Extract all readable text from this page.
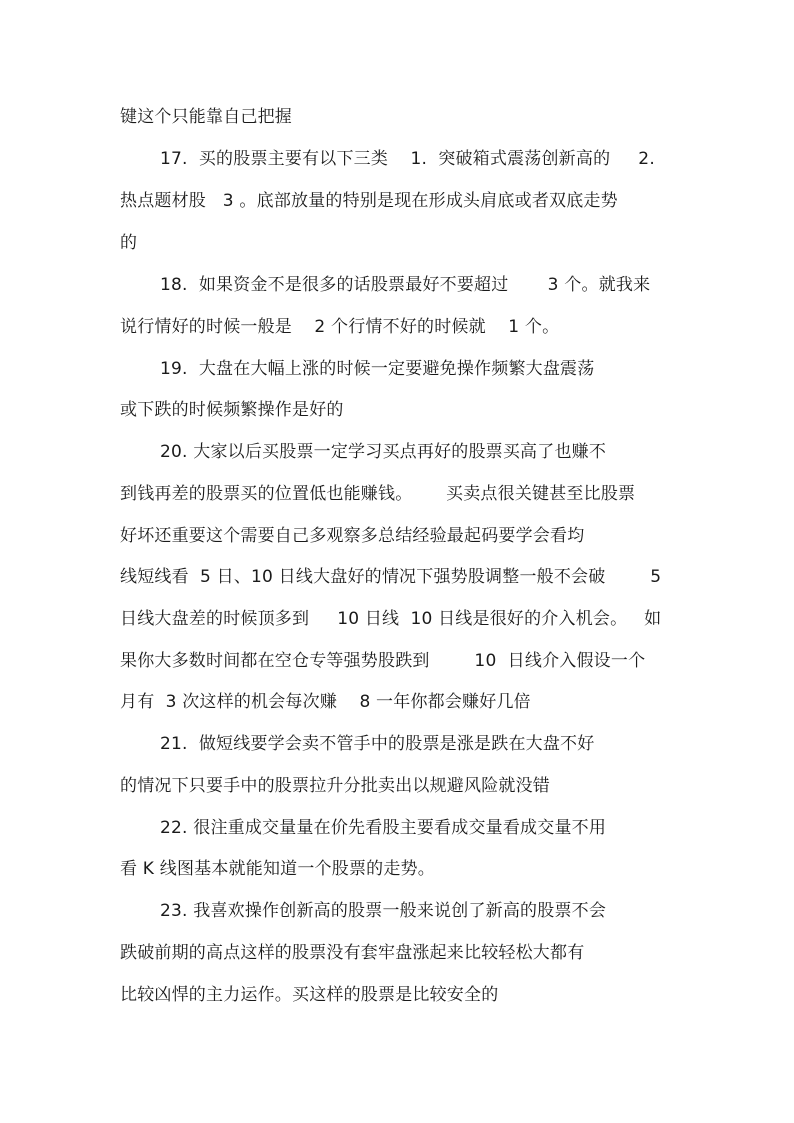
键这个只能靠自己把握
17.  买的股票主要有以下三类    1.  突破箱式震荡创新高的     2.
热点题材股   3 。底部放量的特别是现在形成头肩底或者双底走势
的
18.  如果资金不是很多的话股票最好不要超过       3 个。就我来
说行情好的时候一般是    2 个行情不好的时候就    1 个。
19.  大盘在大幅上涨的时候一定要避免操作频繁大盘震荡
或下跌的时候频繁操作是好的
20. 大家以后买股票一定学习买点再好的股票买高了也赚不
到钱再差的股票买的位置低也能赚钱。      买卖点很关键甚至比股票
好坏还重要这个需要自己多观察多总结经验最起码要学会看均
线短线看  5 日、10 日线大盘好的情况下强势股调整一般不会破        5
日线大盘差的时候顶多到     10 日线  10 日线是很好的介入机会。   如
果你大多数时间都在空仓专等强势股跌到        10  日线介入假设一个
月有  3 次这样的机会每次赚    8 一年你都会赚好几倍
21.  做短线要学会卖不管手中的股票是涨是跌在大盘不好
的情况下只要手中的股票拉升分批卖出以规避风险就没错
22. 很注重成交量量在价先看股主要看成交量看成交量不用
看 K 线图基本就能知道一个股票的走势。
23. 我喜欢操作创新高的股票一般来说创了新高的股票不会
跌破前期的高点这样的股票没有套牢盘涨起来比较轻松大都有
比较凶悍的主力运作。买这样的股票是比较安全的
